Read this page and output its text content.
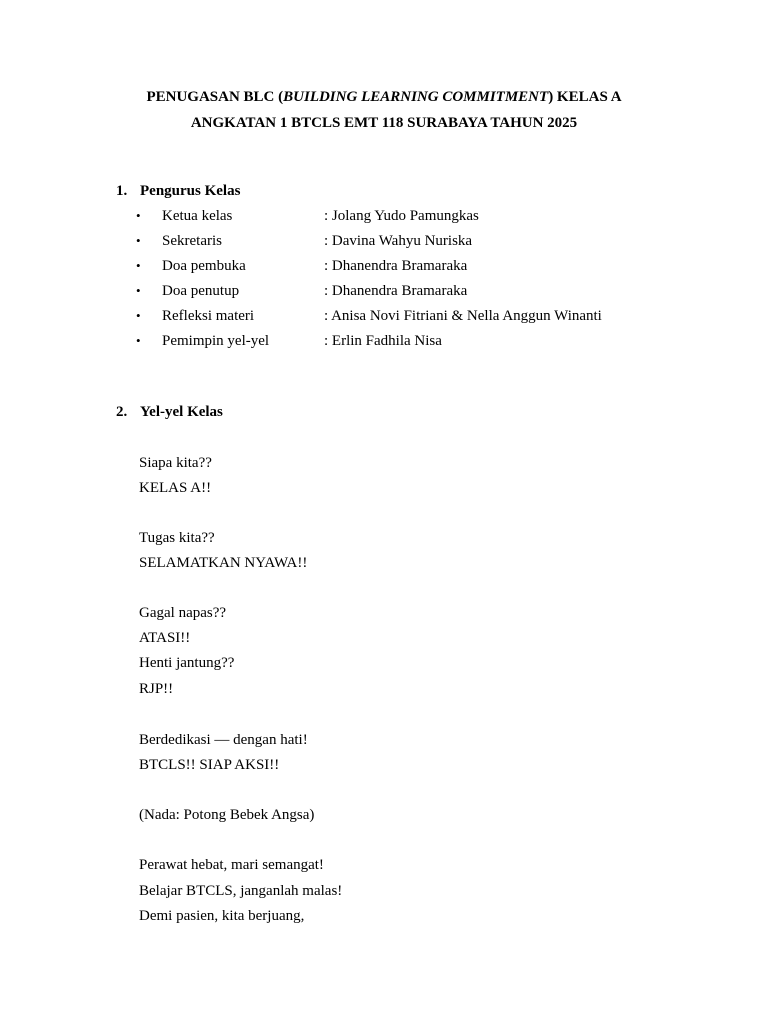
PENUGASAN BLC (BUILDING LEARNING COMMITMENT) KELAS A
ANGKATAN 1 BTCLS EMT 118 SURABAYA TAHUN 2025
1. Pengurus Kelas
• Ketua kelas	: Jolang Yudo Pamungkas
• Sekretaris	: Davina Wahyu Nuriska
• Doa pembuka	: Dhanendra Bramaraka
• Doa penutup	: Dhanendra Bramaraka
• Refleksi materi	: Anisa Novi Fitriani & Nella Anggun Winanti
• Pemimpin yel-yel	: Erlin Fadhila Nisa
2. Yel-yel Kelas
Siapa kita??
KELAS A!!
Tugas kita??
SELAMATKAN NYAWA!!
Gagal napas??
ATASI!!
Henti jantung??
RJP!!
Berdedikasi — dengan hati!
BTCLS!! SIAP AKSI!!
(Nada: Potong Bebek Angsa)
Perawat hebat, mari semangat!
Belajar BTCLS, janganlah malas!
Demi pasien, kita berjuang,
